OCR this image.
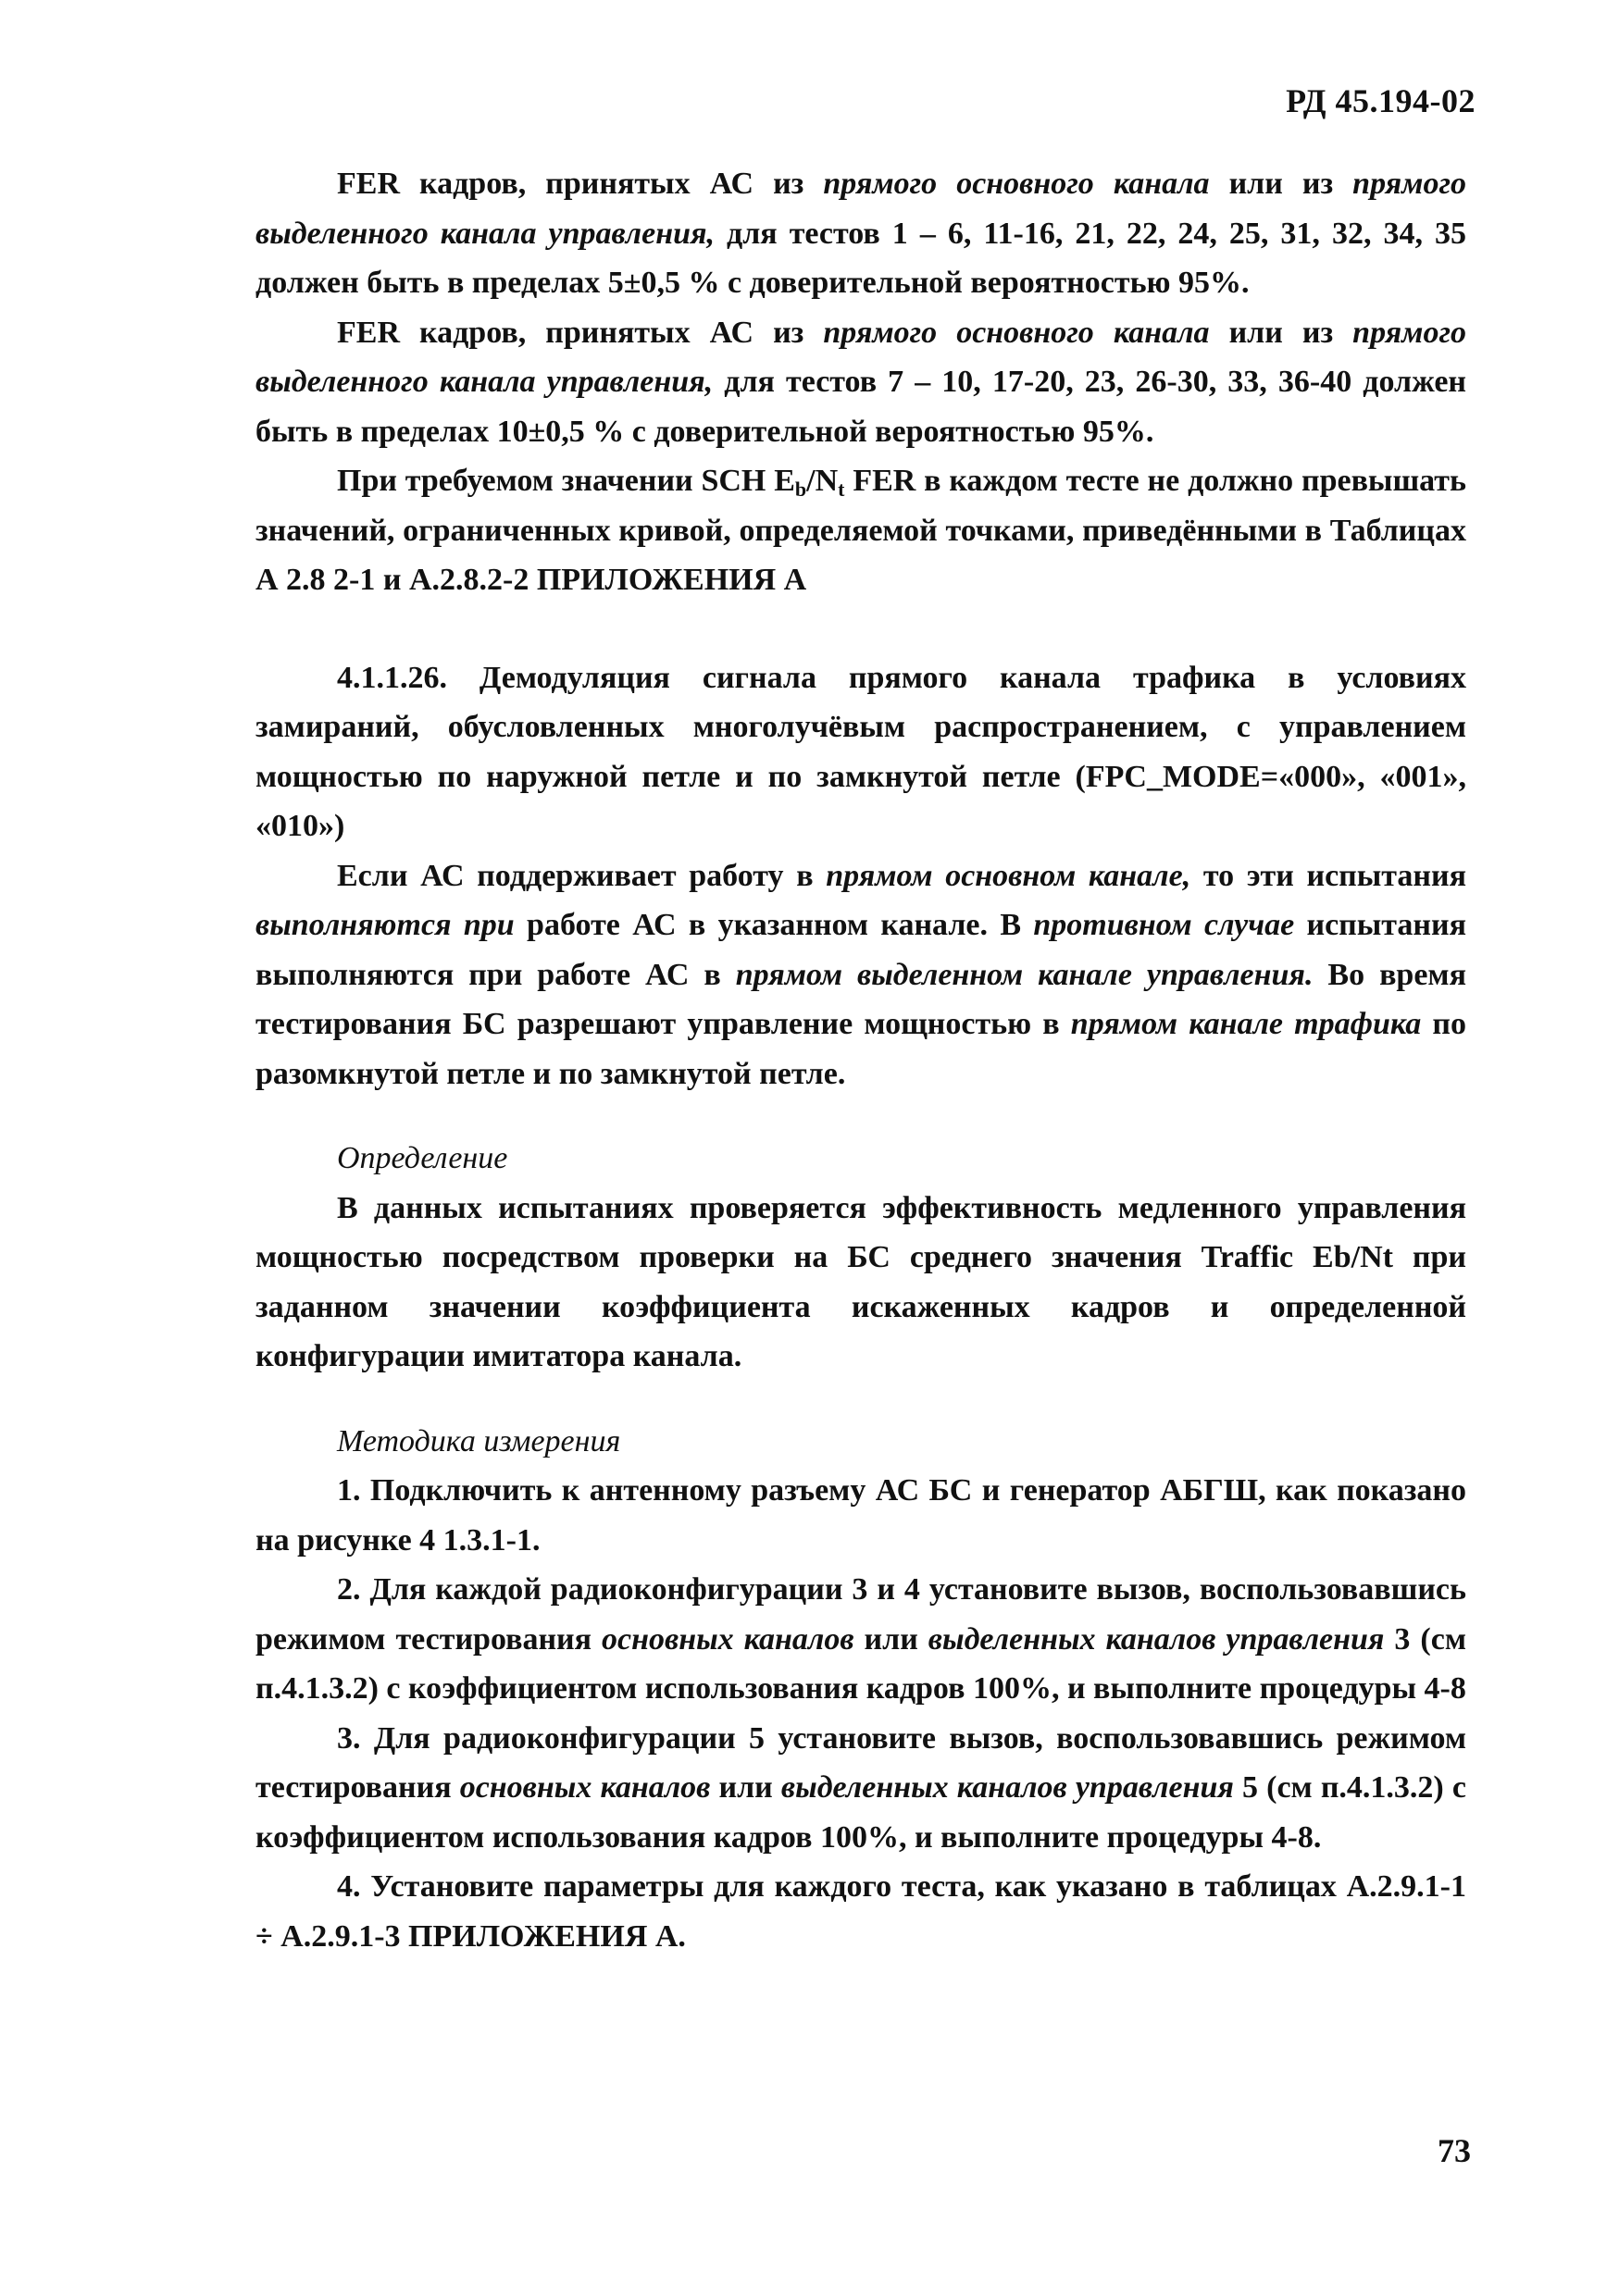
РД 45.194-02

FER кадров, принятых АС из прямого основного канала или из прямого выделенного канала управления, для тестов 1 – 6, 11-16, 21, 22, 24, 25, 31, 32, 34, 35 должен быть в пределах 5±0,5 % с доверительной вероятностью 95%.

FER кадров, принятых АС из прямого основного канала или из прямого выделенного канала управления, для тестов 7 – 10, 17-20, 23, 26-30, 33, 36-40 должен быть в пределах 10±0,5 % с доверительной вероятностью 95%.

При требуемом значении SCH $E_b/N_t$ FER в каждом тесте не должно превышать значений, ограниченных кривой, определяемой точками, приведёнными в Таблицах А 2.8 2-1 и А.2.8.2-2 ПРИЛОЖЕНИЯ А

4.1.1.26. Демодуляция сигнала прямого канала трафика в условиях замираний, обусловленных многолучёвым распространением, с управлением мощностью по наружной петле и по замкнутой петле (FPC_MODE=«000», «001», «010»)

Если АС поддерживает работу в прямом основном канале, то эти испытания выполняются при работе АС в указанном канале. В противном случае испытания выполняются при работе АС в прямом выделенном канале управления. Во время тестирования БС разрешают управление мощностью в прямом канале трафика по разомкнутой петле и по замкнутой петле.

Определение

В данных испытаниях проверяется эффективность медленного управления мощностью посредством проверки на БС среднего значения Traffic Eb/Nt при заданном значении коэффициента искаженных кадров и определенной конфигурации имитатора канала.

Методика измерения

1. Подключить к антенному разъему АС БС и генератор АБГШ, как показано на рисунке 4 1.3.1-1.

2. Для каждой радиоконфигурации 3 и 4 установите вызов, воспользовавшись режимом тестирования основных каналов или выделенных каналов управления 3 (см п.4.1.3.2) с коэффициентом использования кадров 100%, и выполните процедуры 4-8

3. Для радиоконфигурации 5 установите вызов, воспользовавшись режимом тестирования основных каналов или выделенных каналов управления 5 (см п.4.1.3.2) с коэффициентом использования кадров 100%, и выполните процедуры 4-8.

4. Установите параметры для каждого теста, как указано в таблицах А.2.9.1-1 ÷ А.2.9.1-3 ПРИЛОЖЕНИЯ А.

73
